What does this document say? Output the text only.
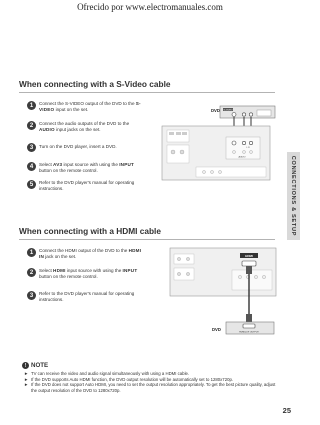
Ofrecido por www.electromanuales.com
CONNECTIONS & SETUP
When connecting with a S-Video cable
1	Connect the S-VIDEO output of the DVD to the S-VIDEO input on the set.
2	Connect the audio outputs of the DVD to the AUDIO input jacks on the set.
3	Turn on the DVD player, insert a DVD.
4	Select AV3 input source with using the INPUT button on the remote control.
5	Refer to the DVD player's manual for operating instructions.
S-VIDEO
DVD
AUDIO
L R
When connecting with a HDMI cable
1	Connect the HDMI output of the DVD to the HDMI IN jack on the set.
2	Select HDMI input source with using the INPUT button on the remote control.
3	Refer to the DVD player's manual for operating instructions.
HDMI
HDMI-DVI OUTPUT
DVD
! NOTE
► TV can receive the video and audio signal simultaneously with using a HDMI cable.
► If the DVD supports Auto HDMI function, the DVD output resolution will be automatically set to 1280x720p.
► If the DVD does not support Auto HDMI, you need to set the output resolution appropriately. To get the best picture quality, adjust the output resolution of the DVD to 1280x720p.
25
